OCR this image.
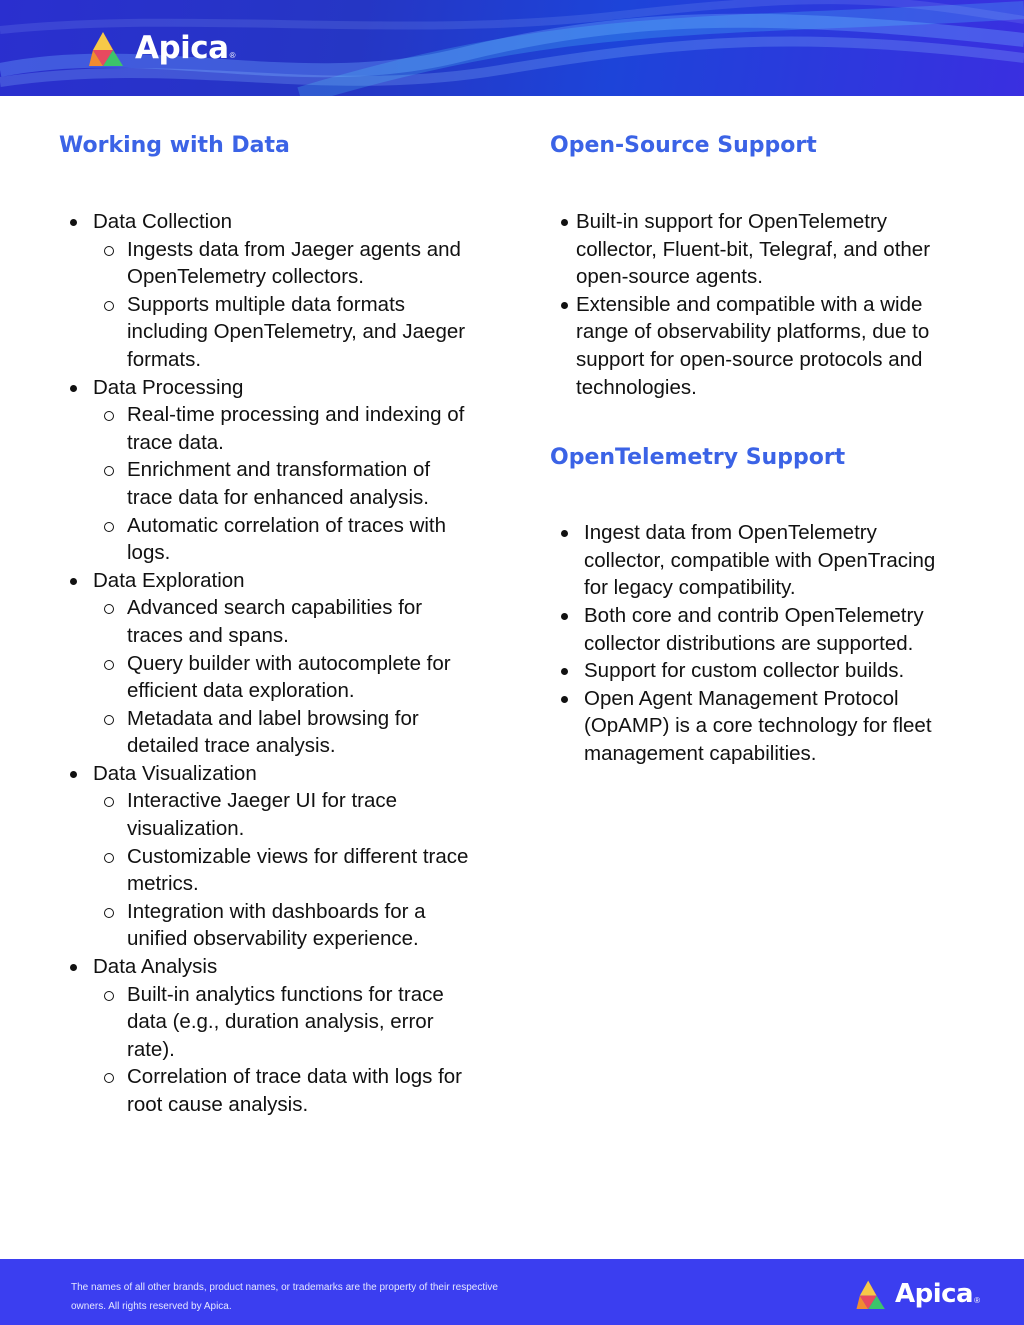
Apica ®
Working with Data
Data Collection
Ingests data from Jaeger agents and OpenTelemetry collectors.
Supports multiple data formats including OpenTelemetry, and Jaeger formats.
Data Processing
Real-time processing and indexing of trace data.
Enrichment and transformation of trace data for enhanced analysis.
Automatic correlation of traces with logs.
Data Exploration
Advanced search capabilities for traces and spans.
Query builder with autocomplete for efficient data exploration.
Metadata and label browsing for detailed trace analysis.
Data Visualization
Interactive Jaeger UI for trace visualization.
Customizable views for different trace metrics.
Integration with dashboards for a unified observability experience.
Data Analysis
Built-in analytics functions for trace data (e.g., duration analysis, error rate).
Correlation of trace data with logs for root cause analysis.
Open-Source Support
Built-in support for OpenTelemetry collector, Fluent-bit, Telegraf, and other open-source agents.
Extensible and compatible with a wide range of observability platforms, due to support for open-source protocols and technologies.
OpenTelemetry Support
Ingest data from OpenTelemetry collector, compatible with OpenTracing for legacy compatibility.
Both core and contrib OpenTelemetry collector distributions are supported.
Support for custom collector builds.
Open Agent Management Protocol (OpAMP) is a core technology for fleet management capabilities.
The names of all other brands, product names, or trademarks are the property of their respective
owners. All rights reserved by Apica.	Apica ®
